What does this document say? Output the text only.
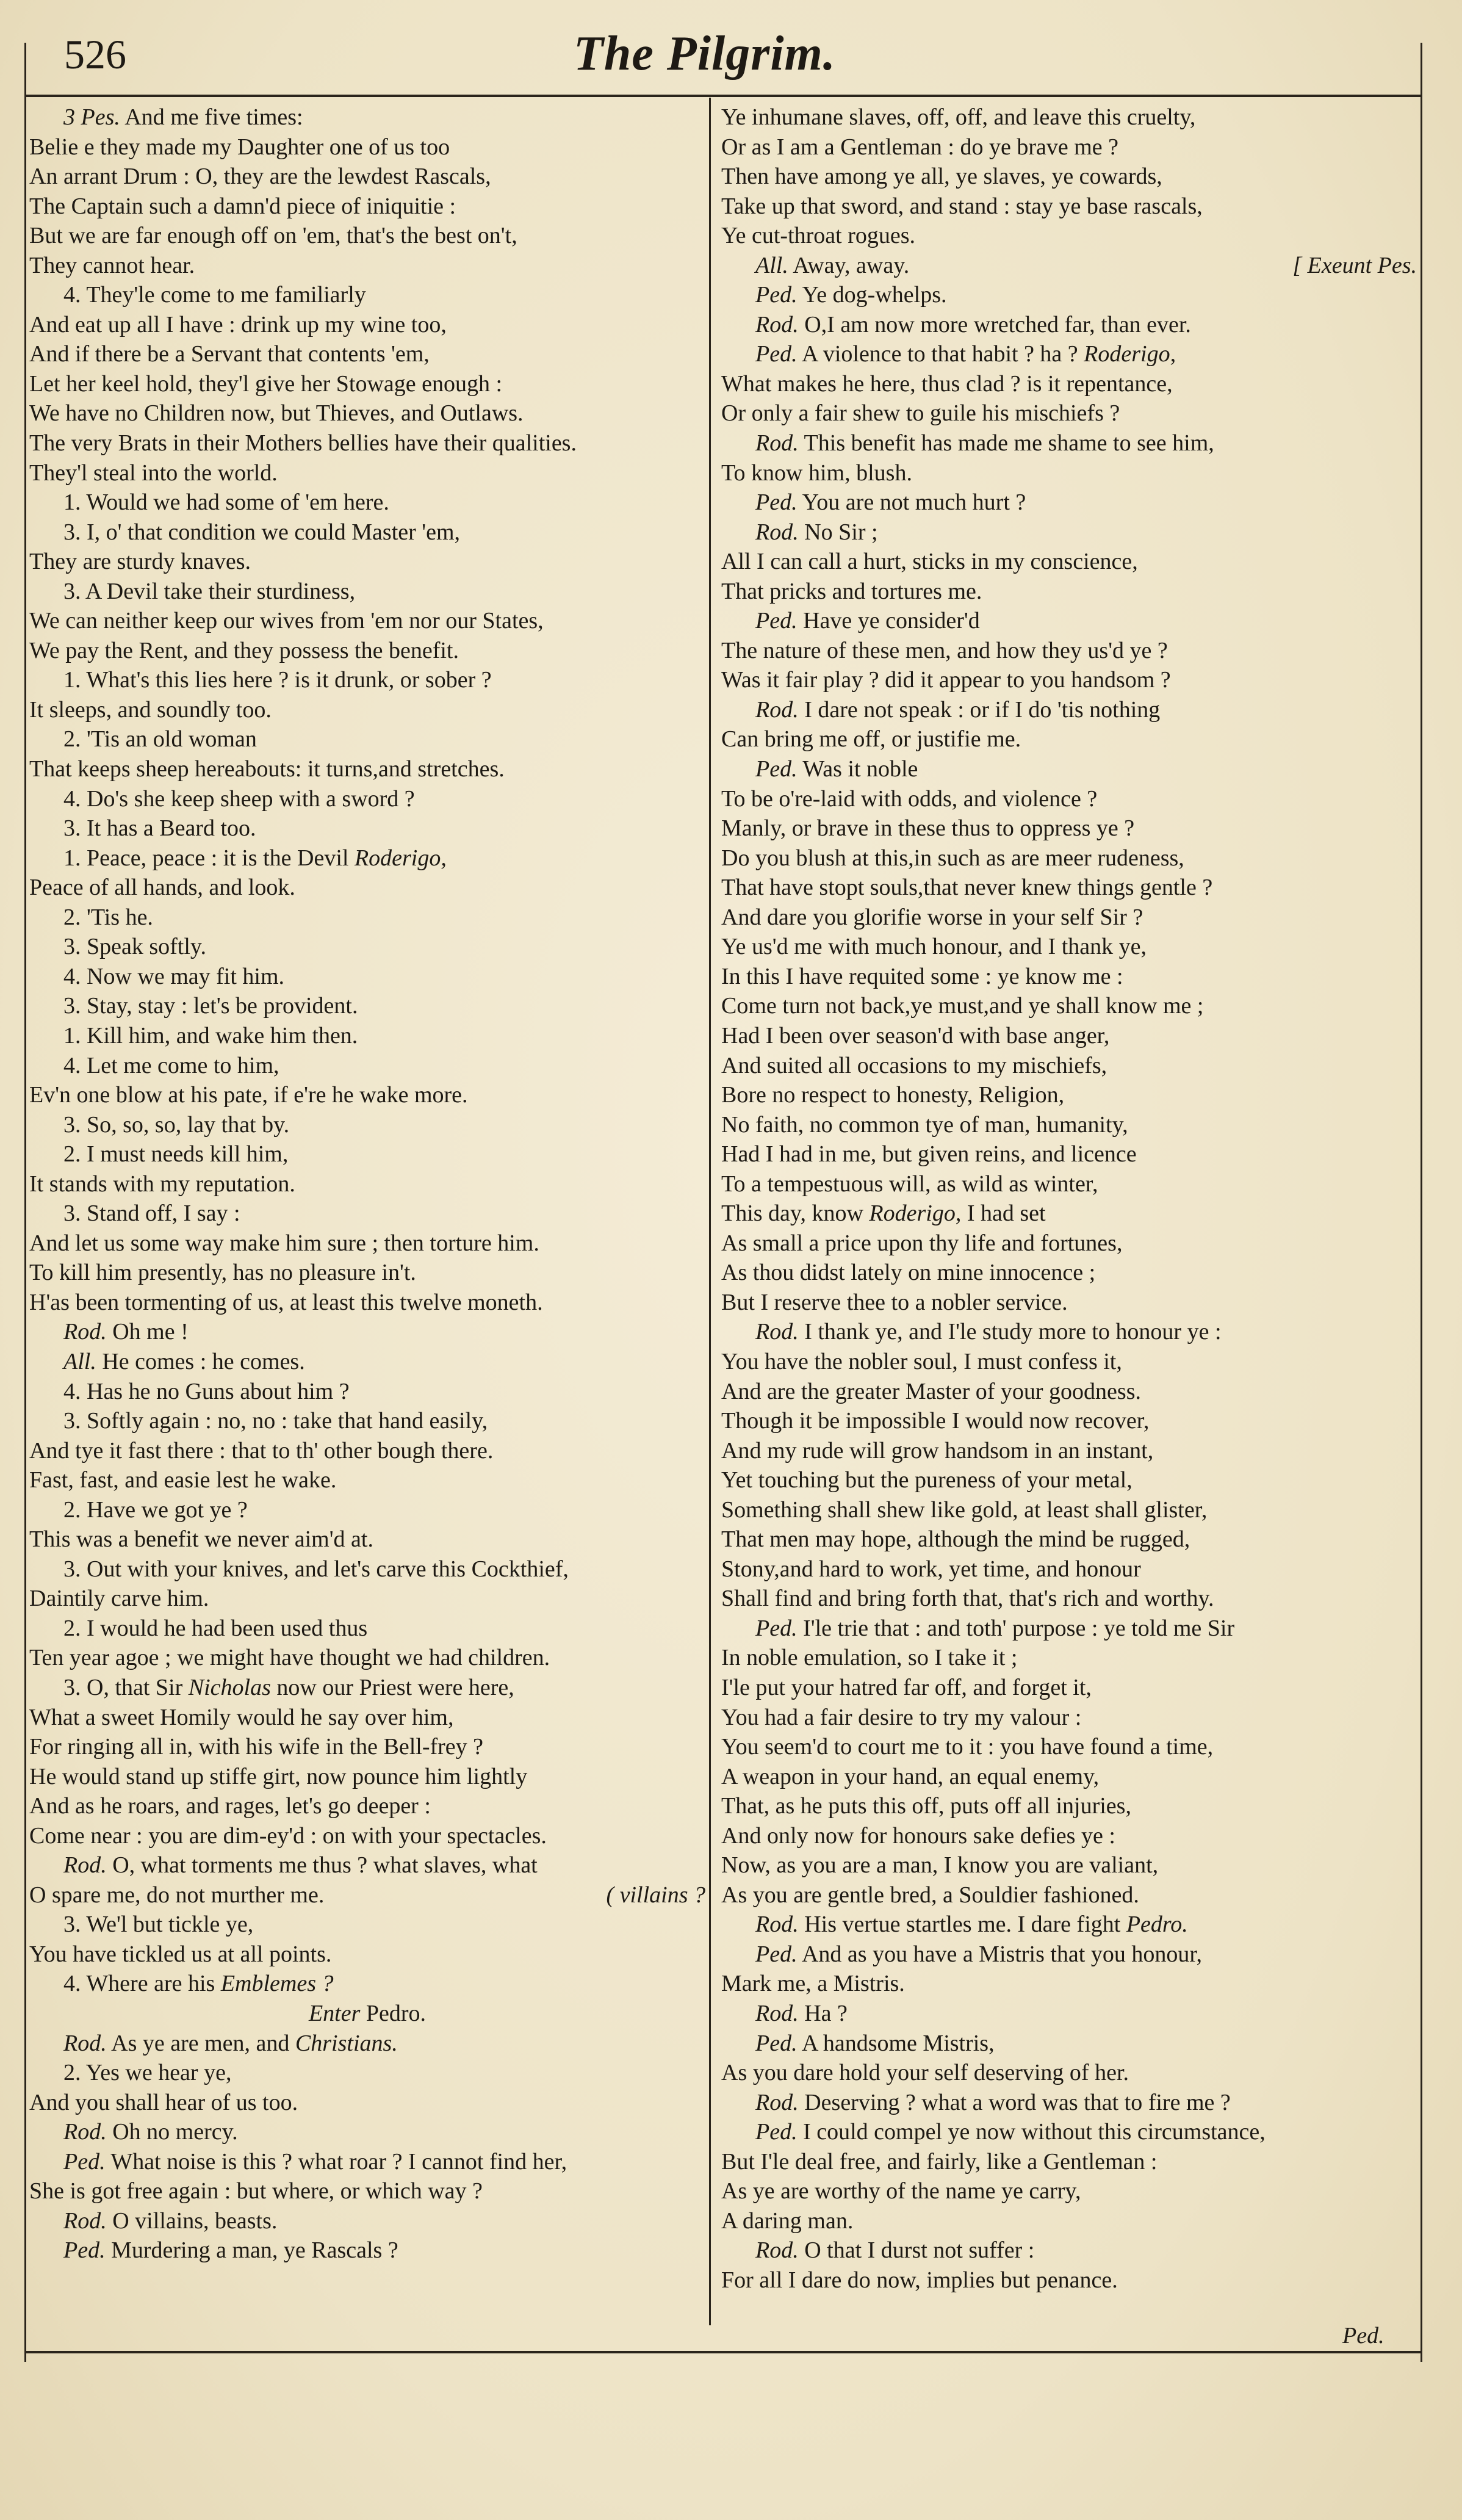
526	The Pilgrim.
3 Pes. And me five times:
Belie e they made my Daughter one of us too
An arrant Drum : O, they are the lewdest Rascals,
The Captain such a damn'd piece of iniquitie :
But we are far enough off on 'em, that's the best on't,
They cannot hear.
4. They'le come to me familiarly
And eat up all I have : drink up my wine too,
And if there be a Servant that contents 'em,
Let her keel hold, they'l give her Stowage enough :
We have no Children now, but Thieves, and Outlaws.
The very Brats in their Mothers bellies have their qualities.
They'l steal into the world.
1. Would we had some of 'em here.
3. I, o' that condition we could Master 'em,
They are sturdy knaves.
3. A Devil take their sturdiness,
We can neither keep our wives from 'em nor our States,
We pay the Rent, and they possess the benefit.
1. What's this lies here ? is it drunk, or sober ?
It sleeps, and soundly too.
2. 'Tis an old woman
That keeps sheep hereabouts: it turns,and stretches.
4. Do's she keep sheep with a sword ?
3. It has a Beard too.
1. Peace, peace : it is the Devil Roderigo,
Peace of all hands, and look.
2. 'Tis he.
3. Speak softly.
4. Now we may fit him.
3. Stay, stay : let's be provident.
1. Kill him, and wake him then.
4. Let me come to him,
Ev'n one blow at his pate, if e're he wake more.
3. So, so, so, lay that by.
2. I must needs kill him,
It stands with my reputation.
3. Stand off, I say :
And let us some way make him sure ; then torture him.
To kill him presently, has no pleasure in't.
H'as been tormenting of us, at least this twelve moneth.
Rod. Oh me !
All. He comes : he comes.
4. Has he no Guns about him ?
3. Softly again : no, no : take that hand easily,
And tye it fast there : that to th' other bough there.
Fast, fast, and easie lest he wake.
2. Have we got ye ?
This was a benefit we never aim'd at.
3. Out with your knives, and let's carve this Cockthief,
Daintily carve him.
2. I would he had been used thus
Ten year agoe ; we might have thought we had children.
3. O, that Sir Nicholas now our Priest were here,
What a sweet Homily would he say over him,
For ringing all in, with his wife in the Bell-frey ?
He would stand up stiffe girt, now pounce him lightly
And as he roars, and rages, let's go deeper :
Come near : you are dim-ey'd : on with your spectacles.
Rod. O, what torments me thus ? what slaves, what
O spare me, do not murther me.	( villains ?
3. We'l but tickle ye,
You have tickled us at all points.
4. Where are his Emblemes ?
Enter Pedro.
Rod. As ye are men, and Christians.
2. Yes we hear ye,
And you shall hear of us too.
Rod. Oh no mercy.
Ped. What noise is this ? what roar ? I cannot find her,
She is got free again : but where, or which way ?
Rod. O villains, beasts.
Ped. Murdering a man, ye Rascals ?
Ye inhumane slaves, off, off, and leave this cruelty,
Or as I am a Gentleman : do ye brave me ?
Then have among ye all, ye slaves, ye cowards,
Take up that sword, and stand : stay ye base rascals,
Ye cut-throat rogues.
All. Away, away.	[ Exeunt Pes.
Ped. Ye dog-whelps.
Rod. O,I am now more wretched far, than ever.
Ped. A violence to that habit ? ha ? Roderigo,
What makes he here, thus clad ? is it repentance,
Or only a fair shew to guile his mischiefs ?
Rod. This benefit has made me shame to see him,
To know him, blush.
Ped. You are not much hurt ?
Rod. No Sir ;
All I can call a hurt, sticks in my conscience,
That pricks and tortures me.
Ped. Have ye consider'd
The nature of these men, and how they us'd ye ?
Was it fair play ? did it appear to you handsom ?
Rod. I dare not speak : or if I do 'tis nothing
Can bring me off, or justifie me.
Ped. Was it noble
To be o're-laid with odds, and violence ?
Manly, or brave in these thus to oppress ye ?
Do you blush at this,in such as are meer rudeness,
That have stopt souls,that never knew things gentle ?
And dare you glorifie worse in your self Sir ?
Ye us'd me with much honour, and I thank ye,
In this I have requited some : ye know me :
Come turn not back,ye must,and ye shall know me ;
Had I been over season'd with base anger,
And suited all occasions to my mischiefs,
Bore no respect to honesty, Religion,
No faith, no common tye of man, humanity,
Had I had in me, but given reins, and licence
To a tempestuous will, as wild as winter,
This day, know Roderigo, I had set
As small a price upon thy life and fortunes,
As thou didst lately on mine innocence ;
But I reserve thee to a nobler service.
Rod. I thank ye, and I'le study more to honour ye :
You have the nobler soul, I must confess it,
And are the greater Master of your goodness.
Though it be impossible I would now recover,
And my rude will grow handsom in an instant,
Yet touching but the pureness of your metal,
Something shall shew like gold, at least shall glister,
That men may hope, although the mind be rugged,
Stony,and hard to work, yet time, and honour
Shall find and bring forth that, that's rich and worthy.
Ped. I'le trie that : and toth' purpose : ye told me Sir
In noble emulation, so I take it ;
I'le put your hatred far off, and forget it,
You had a fair desire to try my valour :
You seem'd to court me to it : you have found a time,
A weapon in your hand, an equal enemy,
That, as he puts this off, puts off all injuries,
And only now for honours sake defies ye :
Now, as you are a man, I know you are valiant,
As you are gentle bred, a Souldier fashioned.
Rod. His vertue startles me. I dare fight Pedro.
Ped. And as you have a Mistris that you honour,
Mark me, a Mistris.
Rod. Ha ?
Ped. A handsome Mistris,
As you dare hold your self deserving of her.
Rod. Deserving ? what a word was that to fire me ?
Ped. I could compel ye now without this circumstance,
But I'le deal free, and fairly, like a Gentleman :
As ye are worthy of the name ye carry,
A daring man.
Rod. O that I durst not suffer :
For all I dare do now, implies but penance.
Ped.
